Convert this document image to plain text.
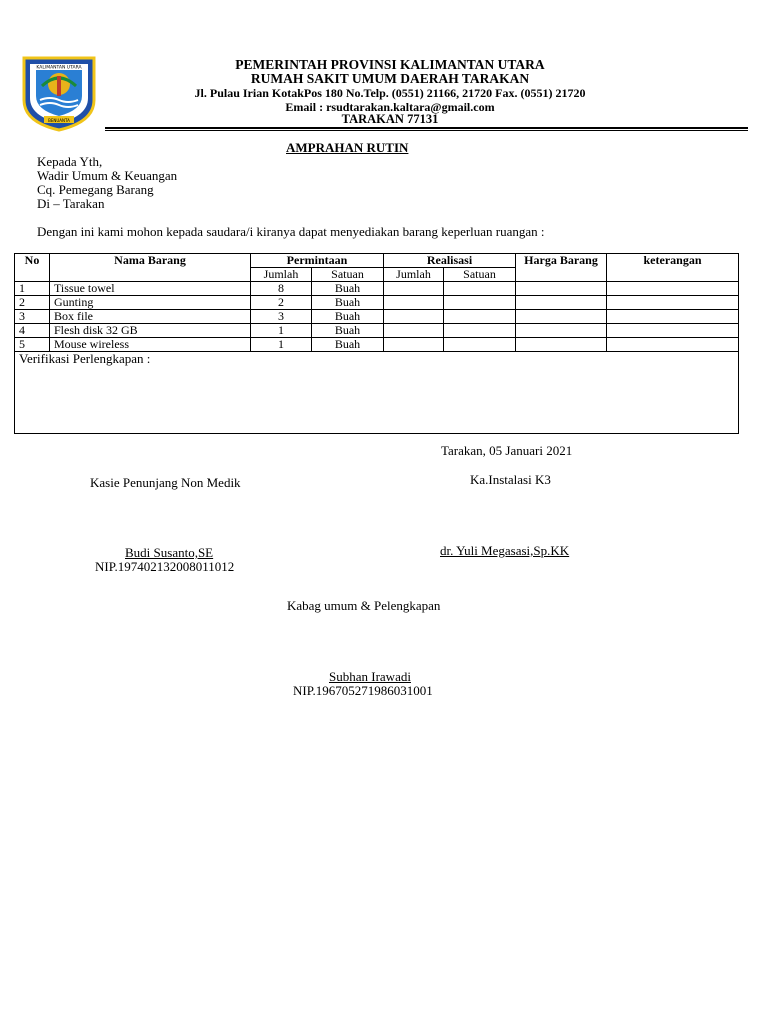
KALIMANTAN UTARA
BENUANTA
PEMERINTAH PROVINSI KALIMANTAN UTARA
RUMAH SAKIT UMUM DAERAH TARAKAN
Jl. Pulau Irian KotakPos 180 No.Telp. (0551) 21166, 21720 Fax. (0551) 21720
Email : rsudtarakan.kaltara@gmail.com
TARAKAN 77131
AMPRAHAN RUTIN
Kepada Yth,
Wadir Umum & Keuangan
Cq. Pemegang Barang
Di – Tarakan
Dengan ini kami mohon kepada saudara/i kiranya dapat menyediakan barang keperluan ruangan :
No	Nama Barang	Permintaan		Realisasi		Harga Barang	keterangan
		Jumlah	Satuan	Jumlah	Satuan		
1	Tissue towel	8	Buah				
2	Gunting	2	Buah				
3	Box file	3	Buah				
4	Flesh disk 32 GB	1	Buah				
5	Mouse wireless	1	Buah				
Verifikasi Perlengkapan :							
Tarakan, 05 Januari 2021
Kasie Penunjang Non Medik	Ka.Instalasi K3
Budi Susanto,SE
NIP.197402132008011012
dr. Yuli Megasasi,Sp.KK
Kabag umum & Pelengkapan
Subhan Irawadi
NIP.196705271986031001
